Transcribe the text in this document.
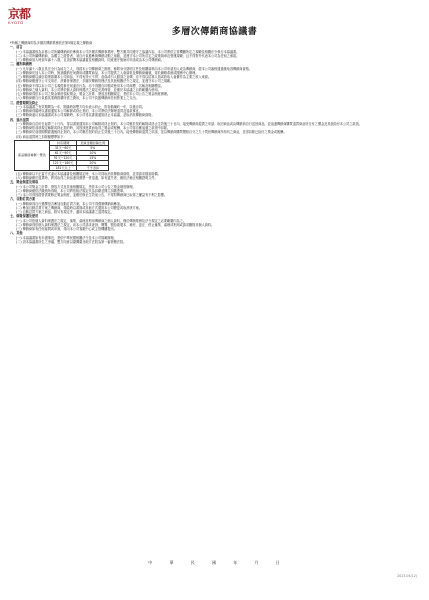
京都
KYOTO
多層次傳銷商協議書

*所稱之傳銷商即為多層次傳銷業務依法第5條定義之傳銷商

一、前言

(一) 本協議書係為京都公司所屬傳銷商於參與本公司多層次傳銷事業時，雙方應共同遵守之協議內容，本公司將依主管機關所定之規範及相關法令執行本協議書。

(二) 本公司所屬傳銷商，為獨立之經營者，須自行負擔參與傳銷活動之風險，並遵守本公司所訂定之政策規章及營運規範，且不得對外代表本公司為任何之承諾。

(三) 傳銷商加入時須年滿十八歲，且須詳閱本協議書及相關資料，同意遵守後始可申請成為本公司傳銷商。

二、權利與義務

(一) 凡年滿十八歲且具完全行為能力之人，得經本公司傳銷商之推薦，檢附身分證明文件及相關資料向本公司申請加入成為傳銷商，經本公司審核通過後取得傳銷商資格。

(二) 傳銷商於加入本公司時，無須繳納任何費用或購買商品，本公司提供之入會資料及傳銷商編號，得於網路系統或服務中心辦理。

(三) 傳銷商應以誠信原則推廣本公司商品，不得有誇大不實、虛偽或引人錯誤之宣傳，亦不得以招募人員或收取入會費作為主要之收入來源。

(四) 傳銷商應遵守公平交易法、消費者保護法、多層次傳銷管理法及其他相關法令之規定，並遵守本公司之規範。

(五) 傳銷商不得以本公司之名義從事任何違法行為，亦不得擅自印製或使用本公司商標、名稱及相關標誌。

(六) 傳銷商之個人資料，本公司將依個人資料保護法之規定妥善保管，並僅於本協議之目的範圍內使用。

(七) 傳銷商得依本公司之獎金制度領取獎金，獎金之計算、發放及相關規定，悉依本公司公告之獎金制度辦理。

(八) 傳銷商應自行負擔其業務推廣所需之費用，本公司不負擔傳銷商任何營業上之支出。

三、經營期間及終止

(一) 本協議書之有效期間為一年，期滿時如雙方均未表示終止，則自動續約一年，以後亦同。

(二) 傳銷商得隨時以書面通知本公司解除或終止契約，本公司將依法辦理退貨及退款事宜。

(三) 傳銷商違反本協議書或本公司規範時，本公司得以書面通知終止本協議，並取消其傳銷商資格。

四、退出退貨

(一) 傳銷商自訂約日起算三十日內，得以書面通知本公司解除或終止契約，本公司應於契約解除或終止生效後三十日內，接受傳銷商退貨之申請、取回商品或由傳銷商自行送回商品，並返還傳銷商購買退貨商品所支付之價金及其他給付本公司之款項。

(二) 傳銷商依前項規定解除或終止契約時，其因該進貨而取得之獎金或報酬，本公司得自應返還之款項中扣除。

(三) 傳銷商於前項期間經過後終止契約，本公司應於契約終止生效後三十日內，接受傳銷商退貨之申請，並以傳銷商購買價格百分之九十買回傳銷商所持有之商品，並得扣除已給付之獎金或報酬。

(四) 商品退貨時之扣除額標準如下：

產品價值補償一覽表	持有期間	退貨金額扣除比例
	31天~60天	5%
	61天~90天	10%
	91天~120天	15%
	121天~180天	20%
	181天以上	不予退貨

(五) 傳銷商以不正當方式違反本協議書及相關規定時，本公司得取消其傳銷商資格，並得請求損害賠償。

(六) 傳銷商應於退貨時，將其取得之商品連同發票一併退還，如有遺失者，應依法補正相關證明文件。

五、獎金制度及領取

(一) 本公司獎金之計算、發放方式及其他相關規定，悉依本公司公告之獎金制度辦理。

(二) 傳銷商應依法繳納所得稅，本公司將依稅法規定代為扣繳並開立扣繳憑單。

(三) 本公司得因經營需要修正獎金制度，並應於修正生效前公告，不得對傳銷商已取得之權益有不利之影響。

六、自動訂貨方案

(一) 傳銷商得自行選擇是否參加自動訂貨方案，本公司不得強制傳銷商參加。

(二) 參加自動訂貨方案之傳銷商，得隨時以書面或其他方式通知本公司變更或取消該方案。

(三) 自動訂貨方案之商品，除另有規定外，適用本協議書之退貨規定。

七、個資保護及使用

(一) 本公司依個人資料保護法之規定，蒐集、處理及利用傳銷商之個人資料，僅於傳銷業務及法令規定之必要範圍內為之。

(二) 傳銷商得依個人資料保護法之規定，向本公司請求查詢、閱覽、製給複製本、補充、更正、停止蒐集、處理或利用或請求刪除其個人資料。

(三) 傳銷商如有任何疑問或申訴，得向本公司客服中心或主管機關提出。

八、其他

(一) 本協議書如有未盡事宜，悉依中華民國相關法令及本公司規範辦理。

(二) 因本協議書所生之爭議，雙方同意以臺灣臺北地方法院為第一審管轄法院。

中 華 民 國 年 月 日
2023.04(12)
